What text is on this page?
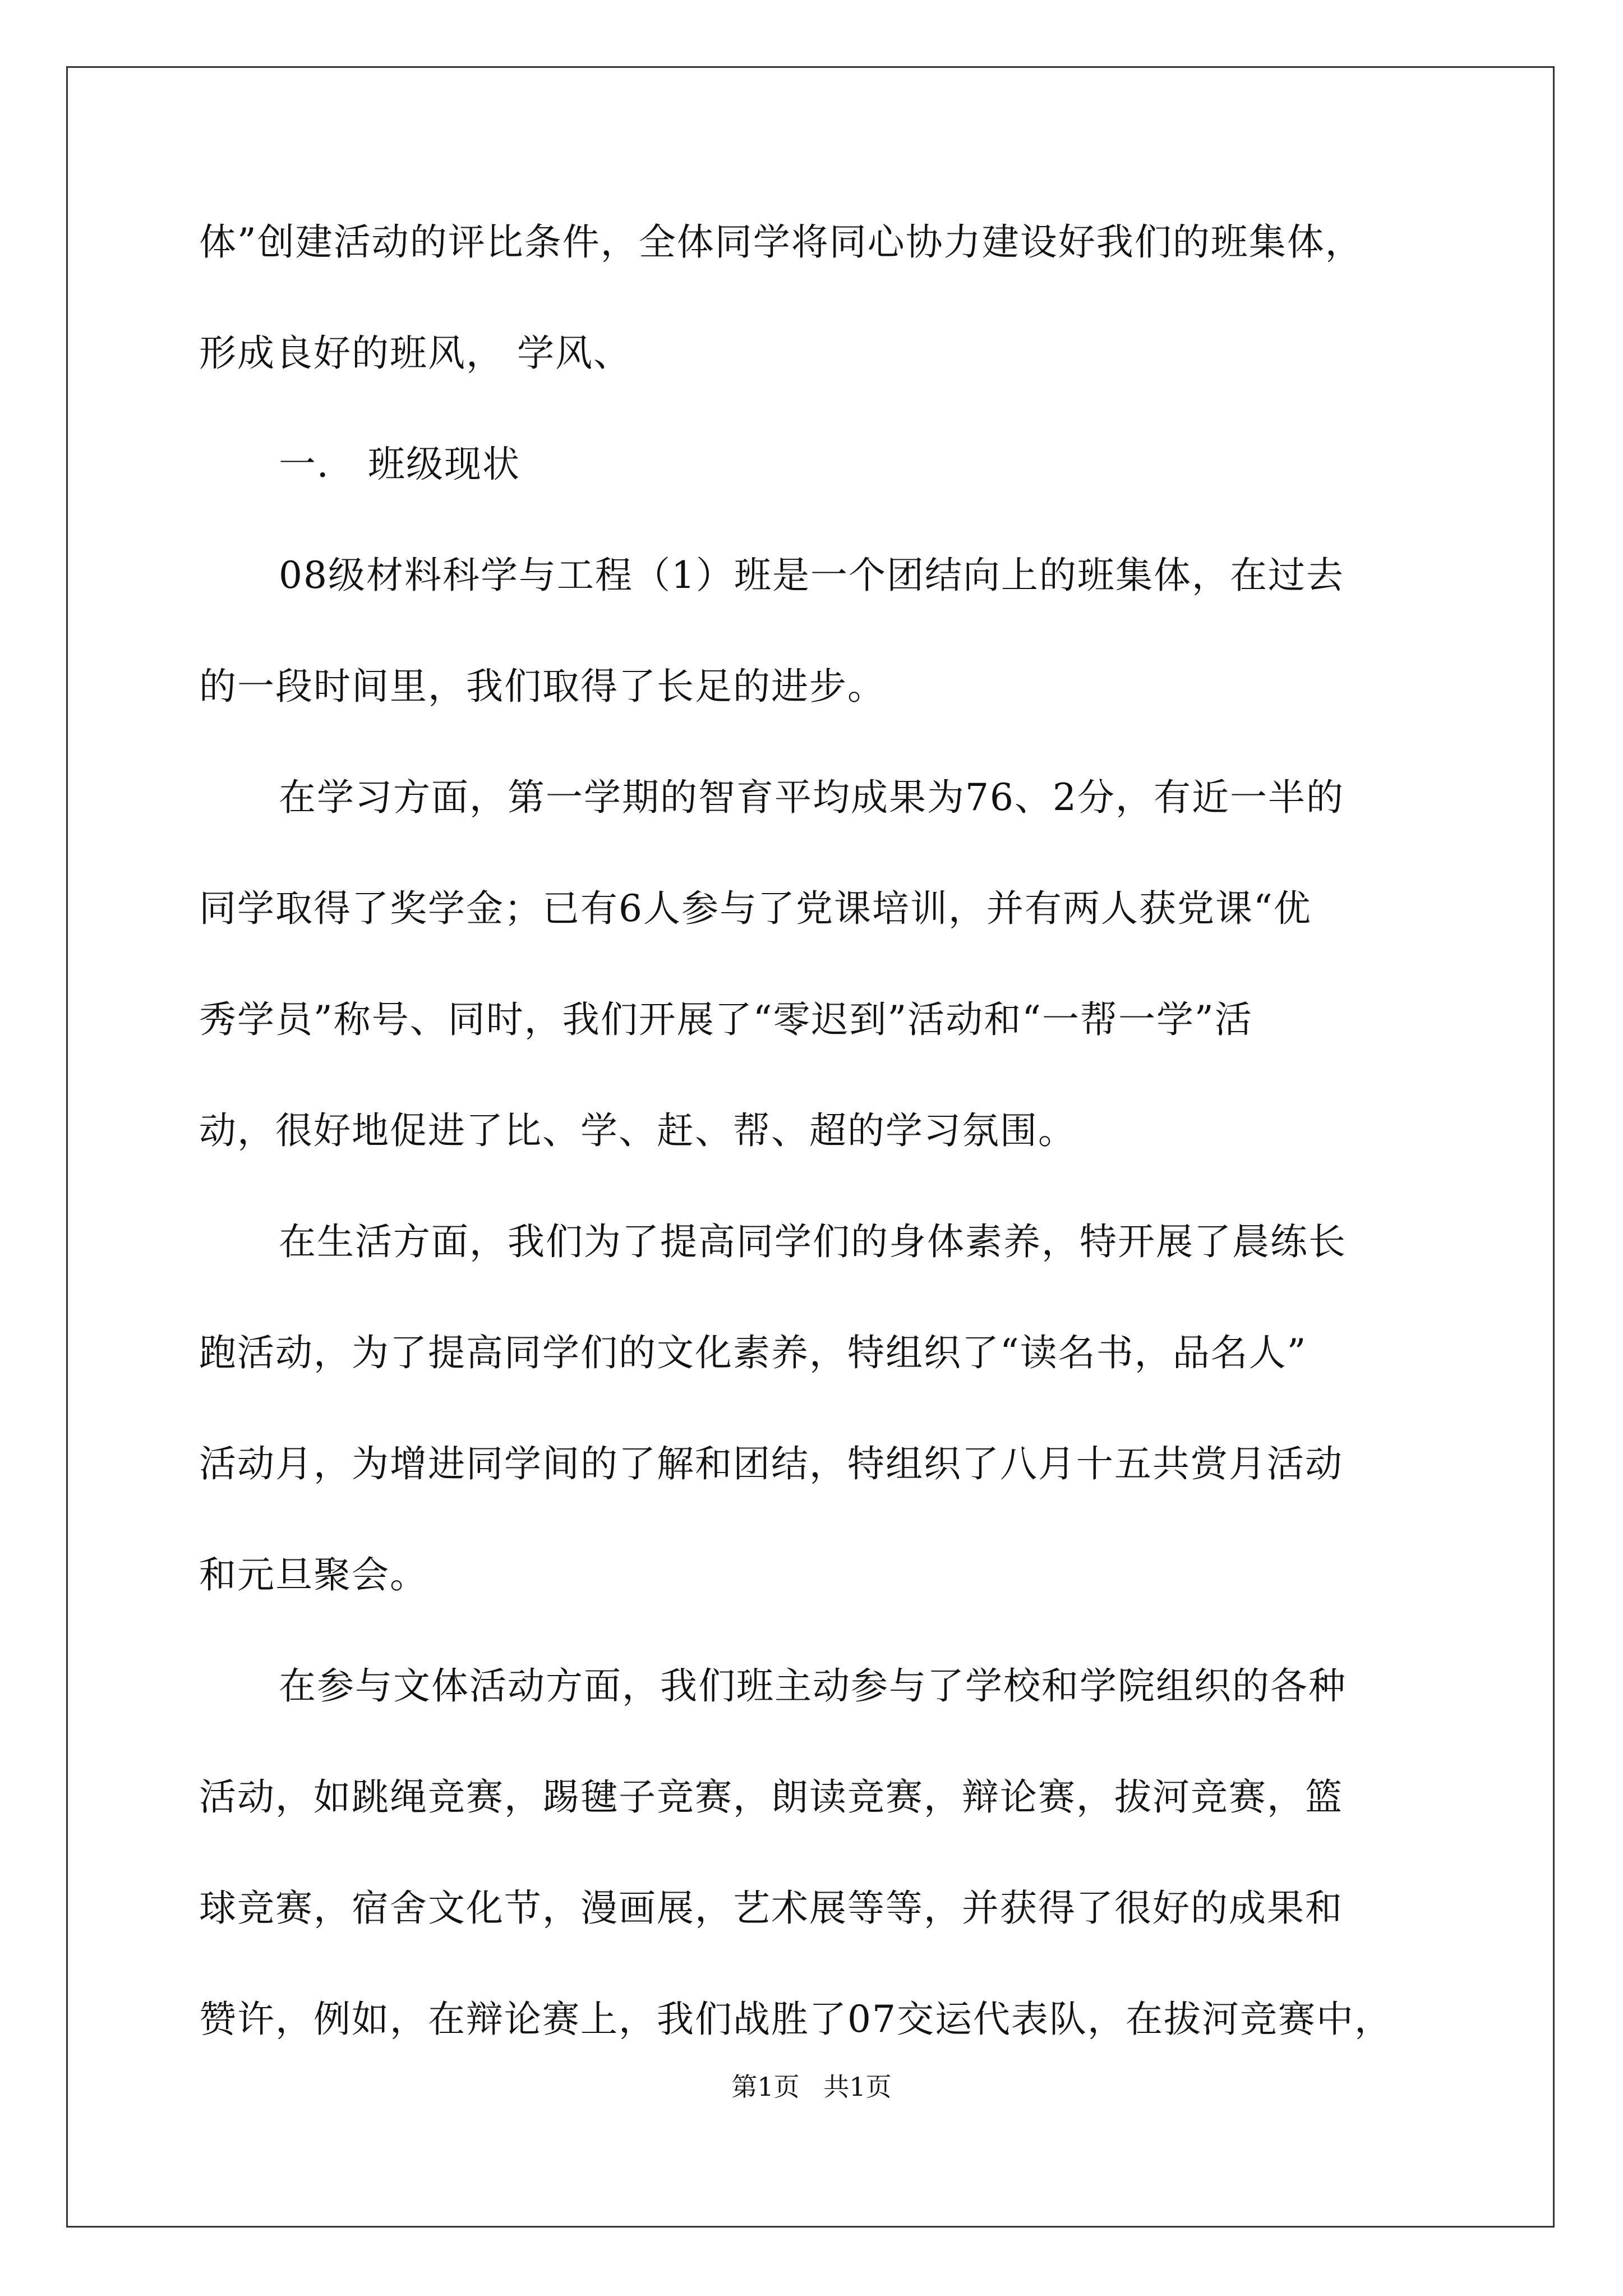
体”创建活动的评比条件，全体同学将同心协力建设好我们的班集体，
形成良好的班风， 学风、
一． 班级现状
08级材料科学与工程（1）班是一个团结向上的班集体，在过去
的一段时间里，我们取得了长足的进步。
在学习方面，第一学期的智育平均成果为76、2分，有近一半的
同学取得了奖学金；已有6人参与了党课培训，并有两人获党课“优
秀学员”称号、同时，我们开展了“零迟到”活动和“一帮一学”活
动，很好地促进了比、学、赶、帮、超的学习氛围。
在生活方面，我们为了提高同学们的身体素养，特开展了晨练长
跑活动，为了提高同学们的文化素养，特组织了“读名书，品名人”
活动月，为增进同学间的了解和团结，特组织了八月十五共赏月活动
和元旦聚会。
在参与文体活动方面，我们班主动参与了学校和学院组织的各种
活动，如跳绳竞赛，踢毽子竞赛，朗读竞赛，辩论赛，拔河竞赛，篮
球竞赛，宿舍文化节，漫画展，艺术展等等，并获得了很好的成果和
赞许，例如，在辩论赛上，我们战胜了07交运代表队，在拔河竞赛中，
第1页 共1页
